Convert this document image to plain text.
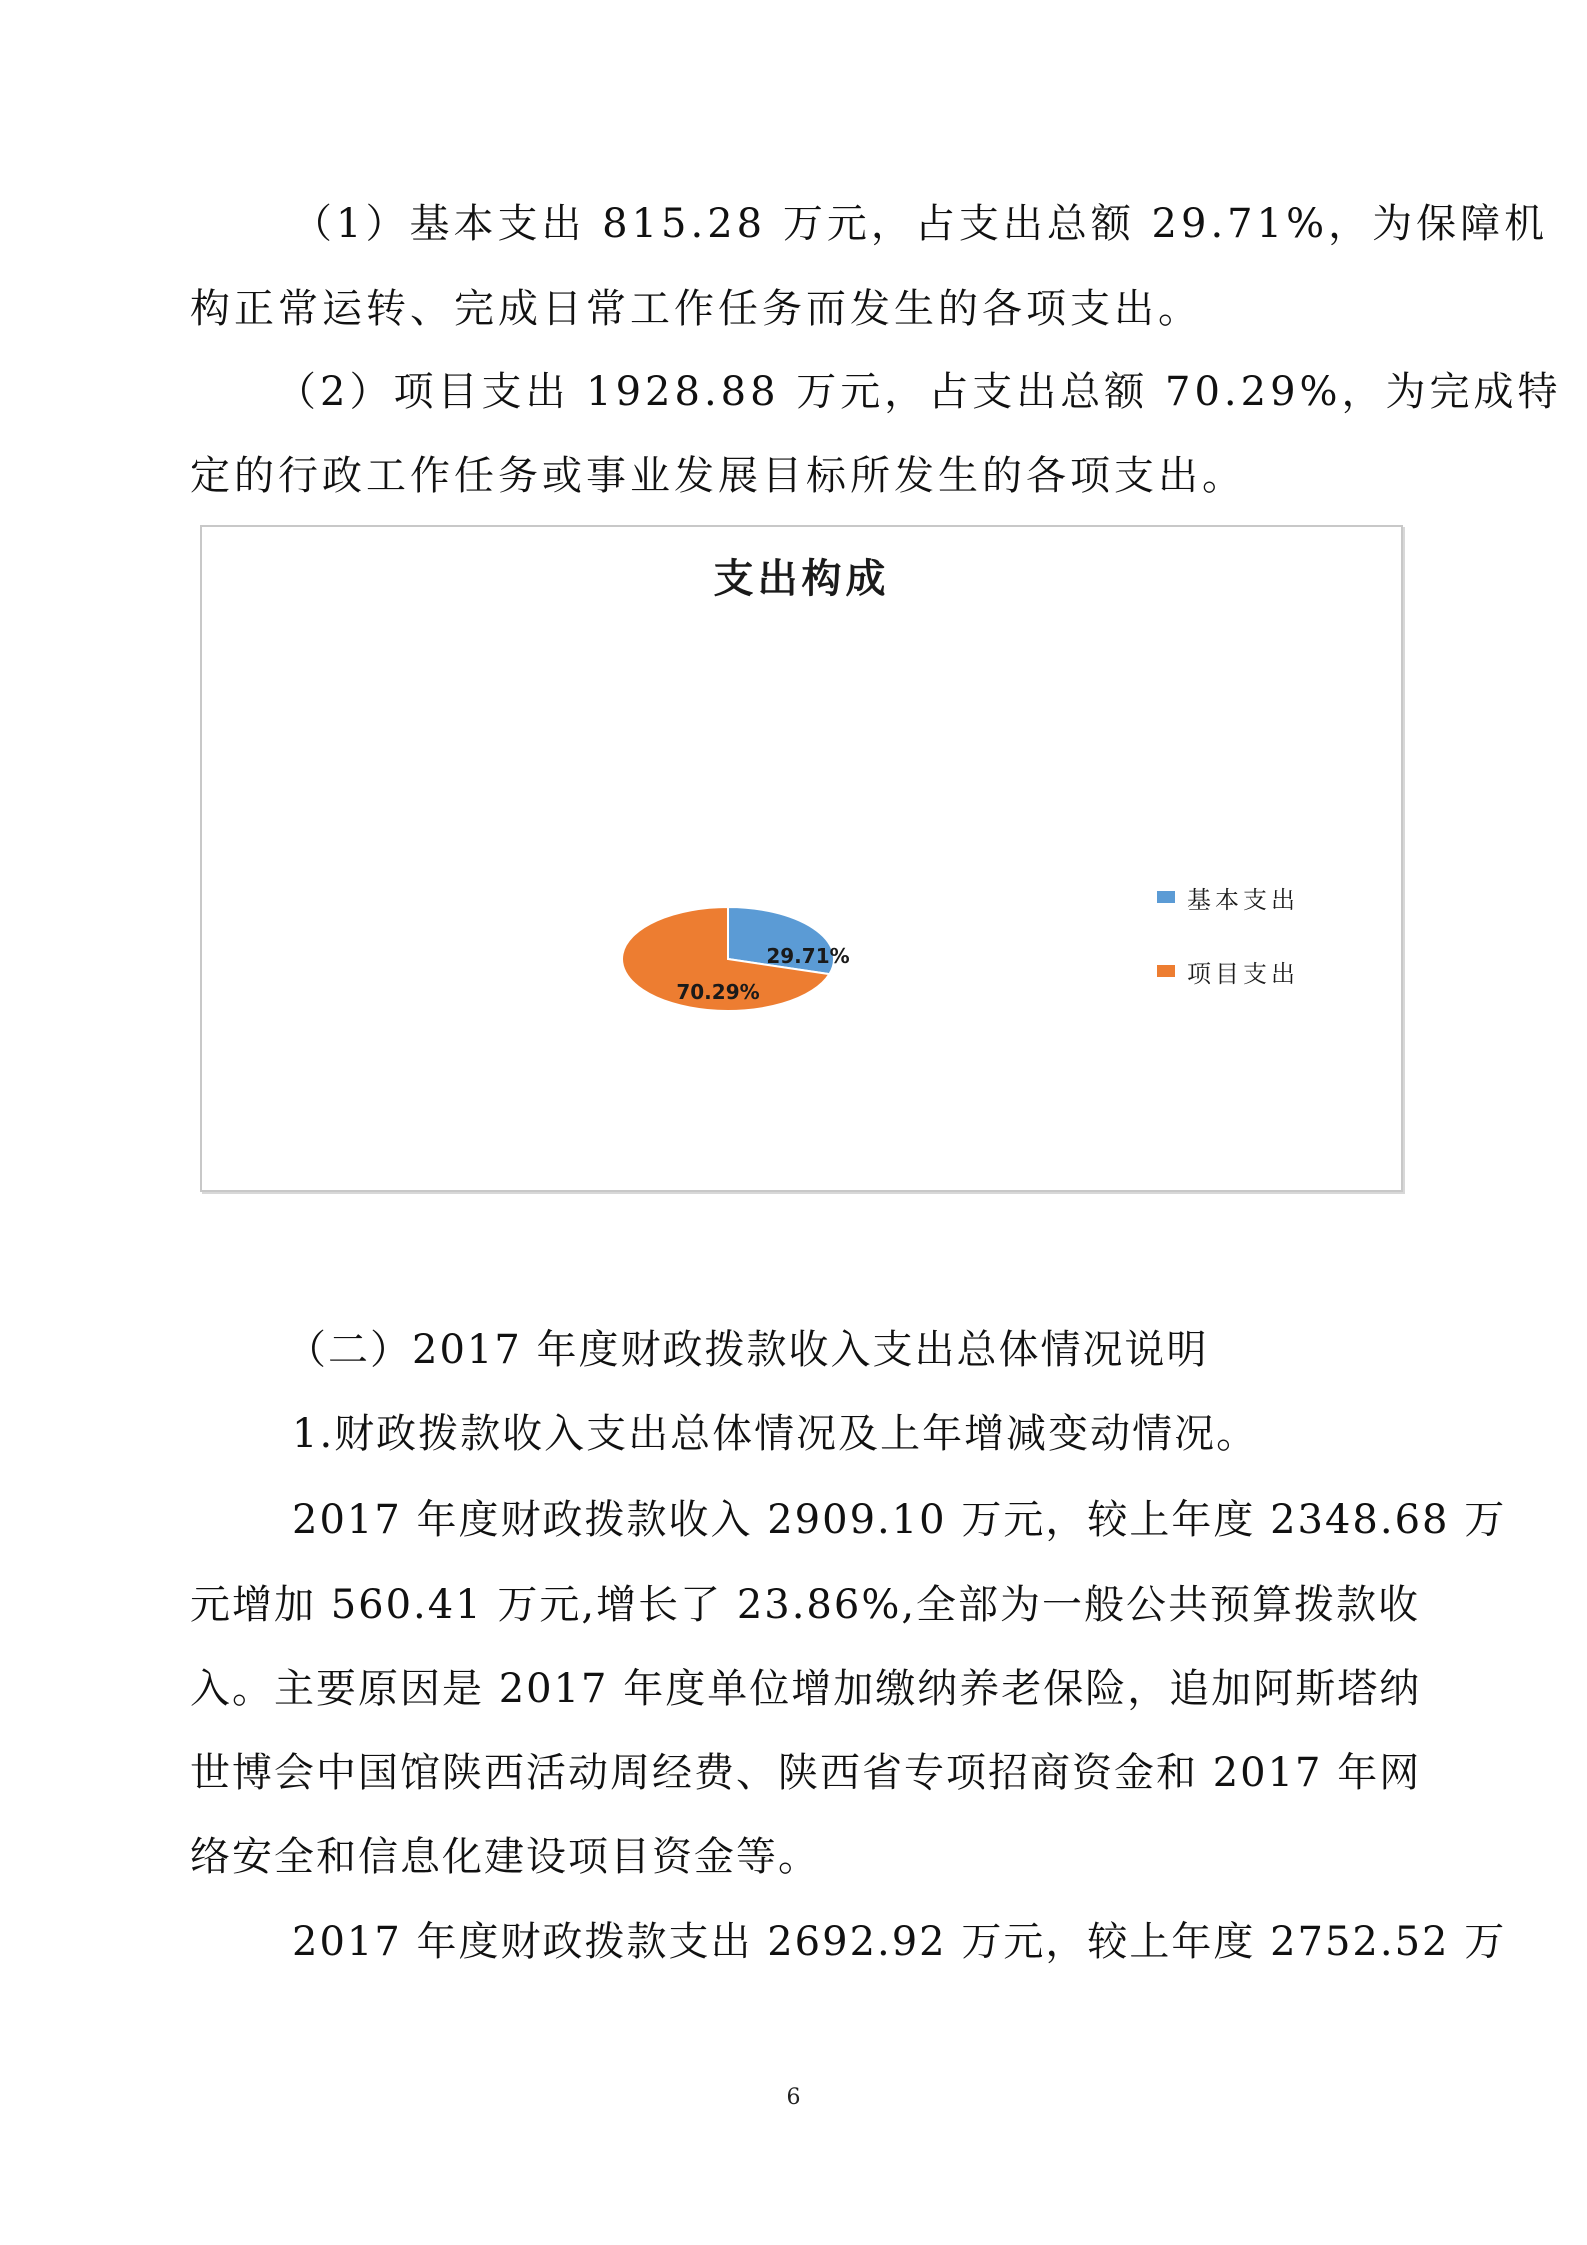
（1）基本支出 815.28 万元，占支出总额 29.71%，为保障机
构正常运转、完成日常工作任务而发生的各项支出。
（2）项目支出 1928.88 万元，占支出总额 70.29%，为完成特
定的行政工作任务或事业发展目标所发生的各项支出。
支出构成
29.71%
70.29%
基本支出
项目支出
（二）2017 年度财政拨款收入支出总体情况说明
1.财政拨款收入支出总体情况及上年增减变动情况。
2017 年度财政拨款收入 2909.10 万元，较上年度 2348.68 万
元增加 560.41 万元,增长了 23.86%,全部为一般公共预算拨款收
入。主要原因是 2017 年度单位增加缴纳养老保险，追加阿斯塔纳
世博会中国馆陕西活动周经费、陕西省专项招商资金和 2017 年网
络安全和信息化建设项目资金等。
2017 年度财政拨款支出 2692.92 万元，较上年度 2752.52 万
6
